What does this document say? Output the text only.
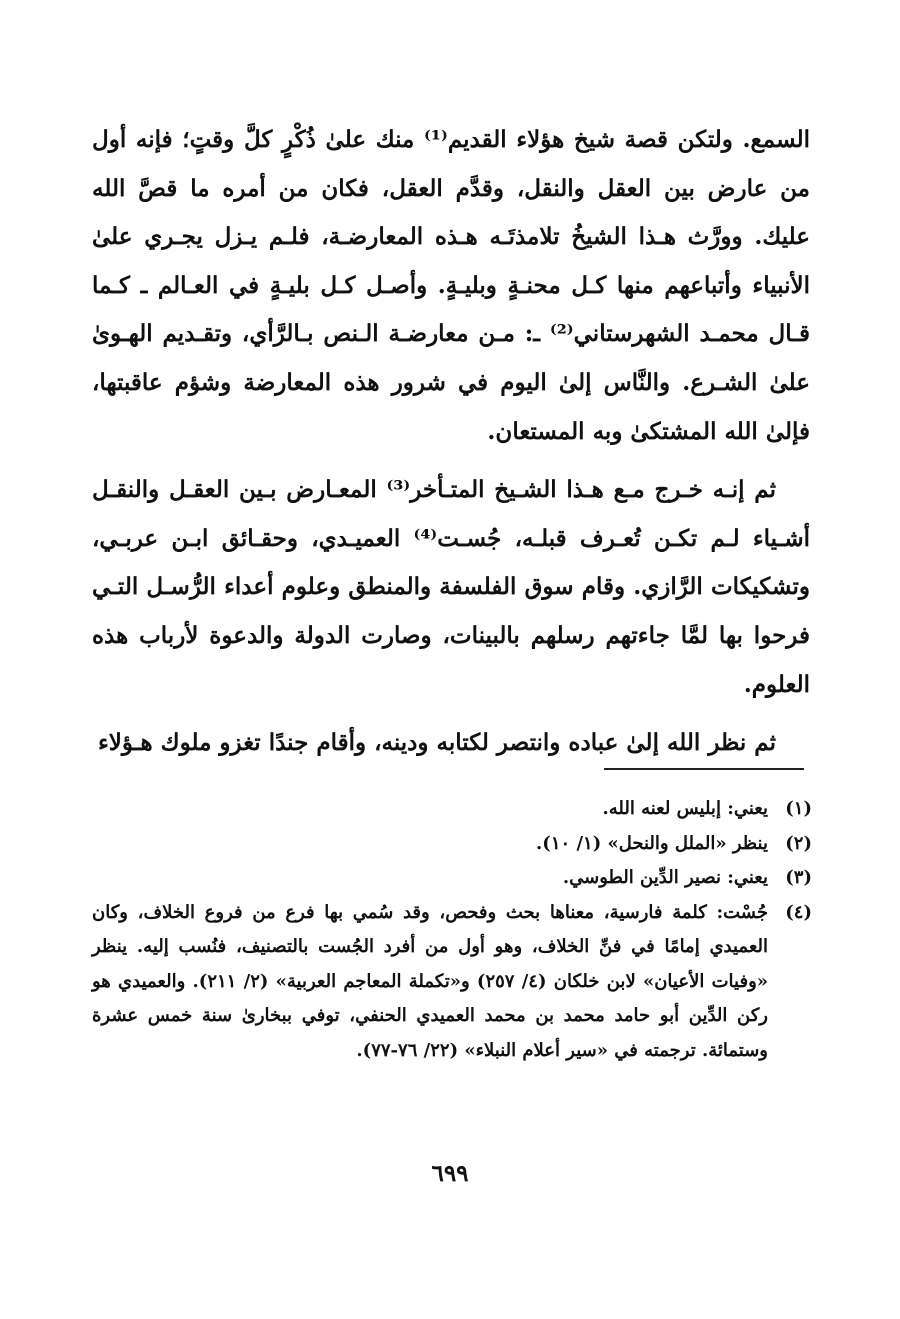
السمع. ولتكن قصة شيخ هؤلاء القديم⁽¹⁾ منك علىٰ ذُكْرٍ كلَّ وقتٍ؛ فإنه أول من عارض بين العقل والنقل، وقدَّم العقل، فكان من أمره ما قصَّ الله عليك. وورَّث هـذا الشيخُ تلامذتَـه هـذه المعارضـة، فلـم يـزل يجـري علىٰ الأنبياء وأتباعهم منها كـل محنـةٍ وبليـةٍ. وأصـل كـل بليـةٍ في العـالم ـ كـما قـال محمـد الشهرستاني⁽²⁾ ـ: مـن معارضـة الـنص بـالرَّأي، وتقـديم الهـوىٰ علىٰ الشـرع. والنَّاس إلىٰ اليوم في شرور هذه المعارضة وشؤم عاقبتها، فإلىٰ الله المشتكىٰ وبه المستعان.

ثم إنـه خـرج مـع هـذا الشـيخ المتـأخر⁽³⁾ المعـارض بـين العقـل والنقـل أشـياء لـم تكـن تُعـرف قبلـه، جُسـت⁽⁴⁾ العميـدي، وحقـائق ابـن عربـي، وتشكيكات الرَّازي. وقام سوق الفلسفة والمنطق وعلوم أعداء الرُّسـل التـي فرحوا بها لمَّا جاءتهم رسلهم بالبينات، وصارت الدولة والدعوة لأرباب هذه العلوم.

ثم نظر الله إلىٰ عباده وانتصر لكتابه ودينه، وأقام جندًا تغزو ملوك هـؤلاء

(١)
يعني: إبليس لعنه الله.
(٢)
ينظر «الملل والنحل» (١/ ١٠).
(٣)
يعني: نصير الدِّين الطوسي.
(٤)
جُسْت: كلمة فارسية، معناها بحث وفحص، وقد سُمي بها فرع من فروع الخلاف، وكان العميدي إمامًا في فنِّ الخلاف، وهو أول من أفرد الجُست بالتصنيف، فنُسب إليه. ينظر «وفيات الأعيان» لابن خلكان (٤/ ٢٥٧) و«تكملة المعاجم العربية» (٢/ ٢١١). والعميدي هو ركن الدِّين أبو حامد محمد بن محمد العميدي الحنفي، توفي ببخارىٰ سنة خمس عشرة وستمائة. ترجمته في «سير أعلام النبلاء» (٢٢/ ٧٦-٧٧).
٦٩٩
